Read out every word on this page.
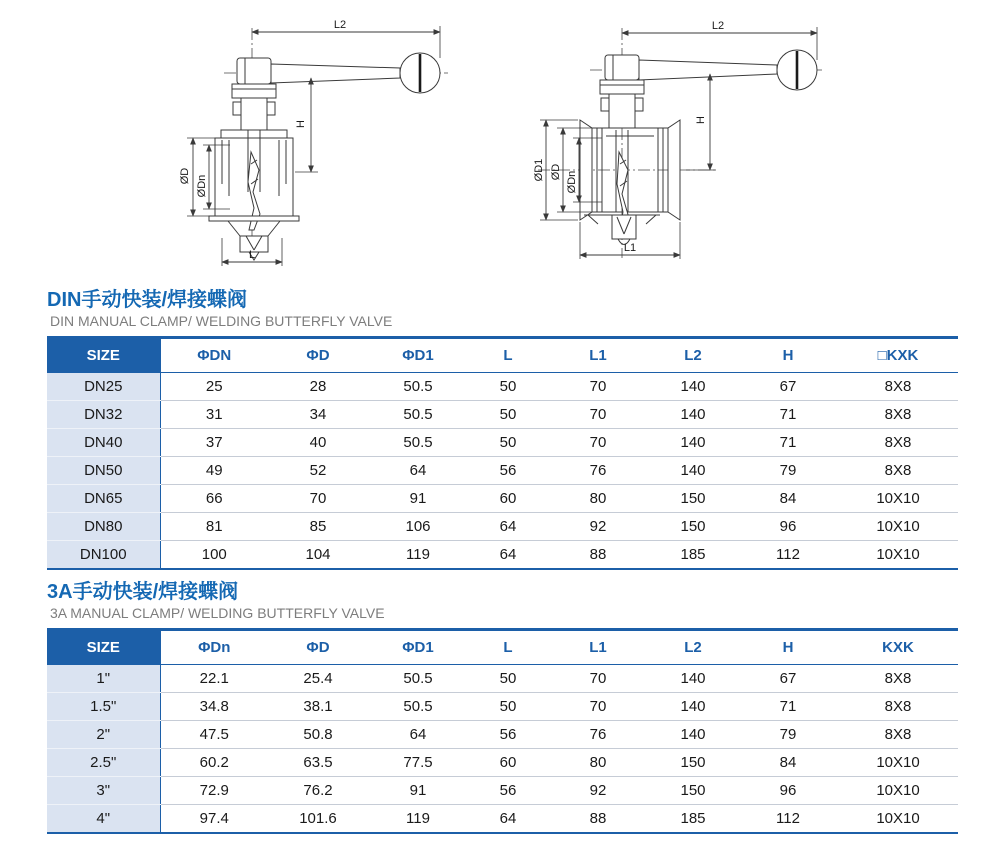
L2
H
ØD ØDn
L
L2
H
ØD1 ØD ØDn
L1
DIN手动快装/焊接蝶阀
DIN MANUAL CLAMP/ WELDING BUTTERFLY VALVE
SIZE	ΦDN	ΦD	ΦD1	L	L1	L2	H	□KXK
DN25	25	28	50.5	50	70	140	67	8X8
DN32	31	34	50.5	50	70	140	71	8X8
DN40	37	40	50.5	50	70	140	71	8X8
DN50	49	52	64	56	76	140	79	8X8
DN65	66	70	91	60	80	150	84	10X10
DN80	81	85	106	64	92	150	96	10X10
DN100	100	104	119	64	88	185	112	10X10
3A手动快装/焊接蝶阀
3A MANUAL CLAMP/ WELDING BUTTERFLY VALVE
SIZE	ΦDn	ΦD	ΦD1	L	L1	L2	H	KXK
1"	22.1	25.4	50.5	50	70	140	67	8X8
1.5"	34.8	38.1	50.5	50	70	140	71	8X8
2"	47.5	50.8	64	56	76	140	79	8X8
2.5"	60.2	63.5	77.5	60	80	150	84	10X10
3"	72.9	76.2	91	56	92	150	96	10X10
4"	97.4	101.6	119	64	88	185	112	10X10
